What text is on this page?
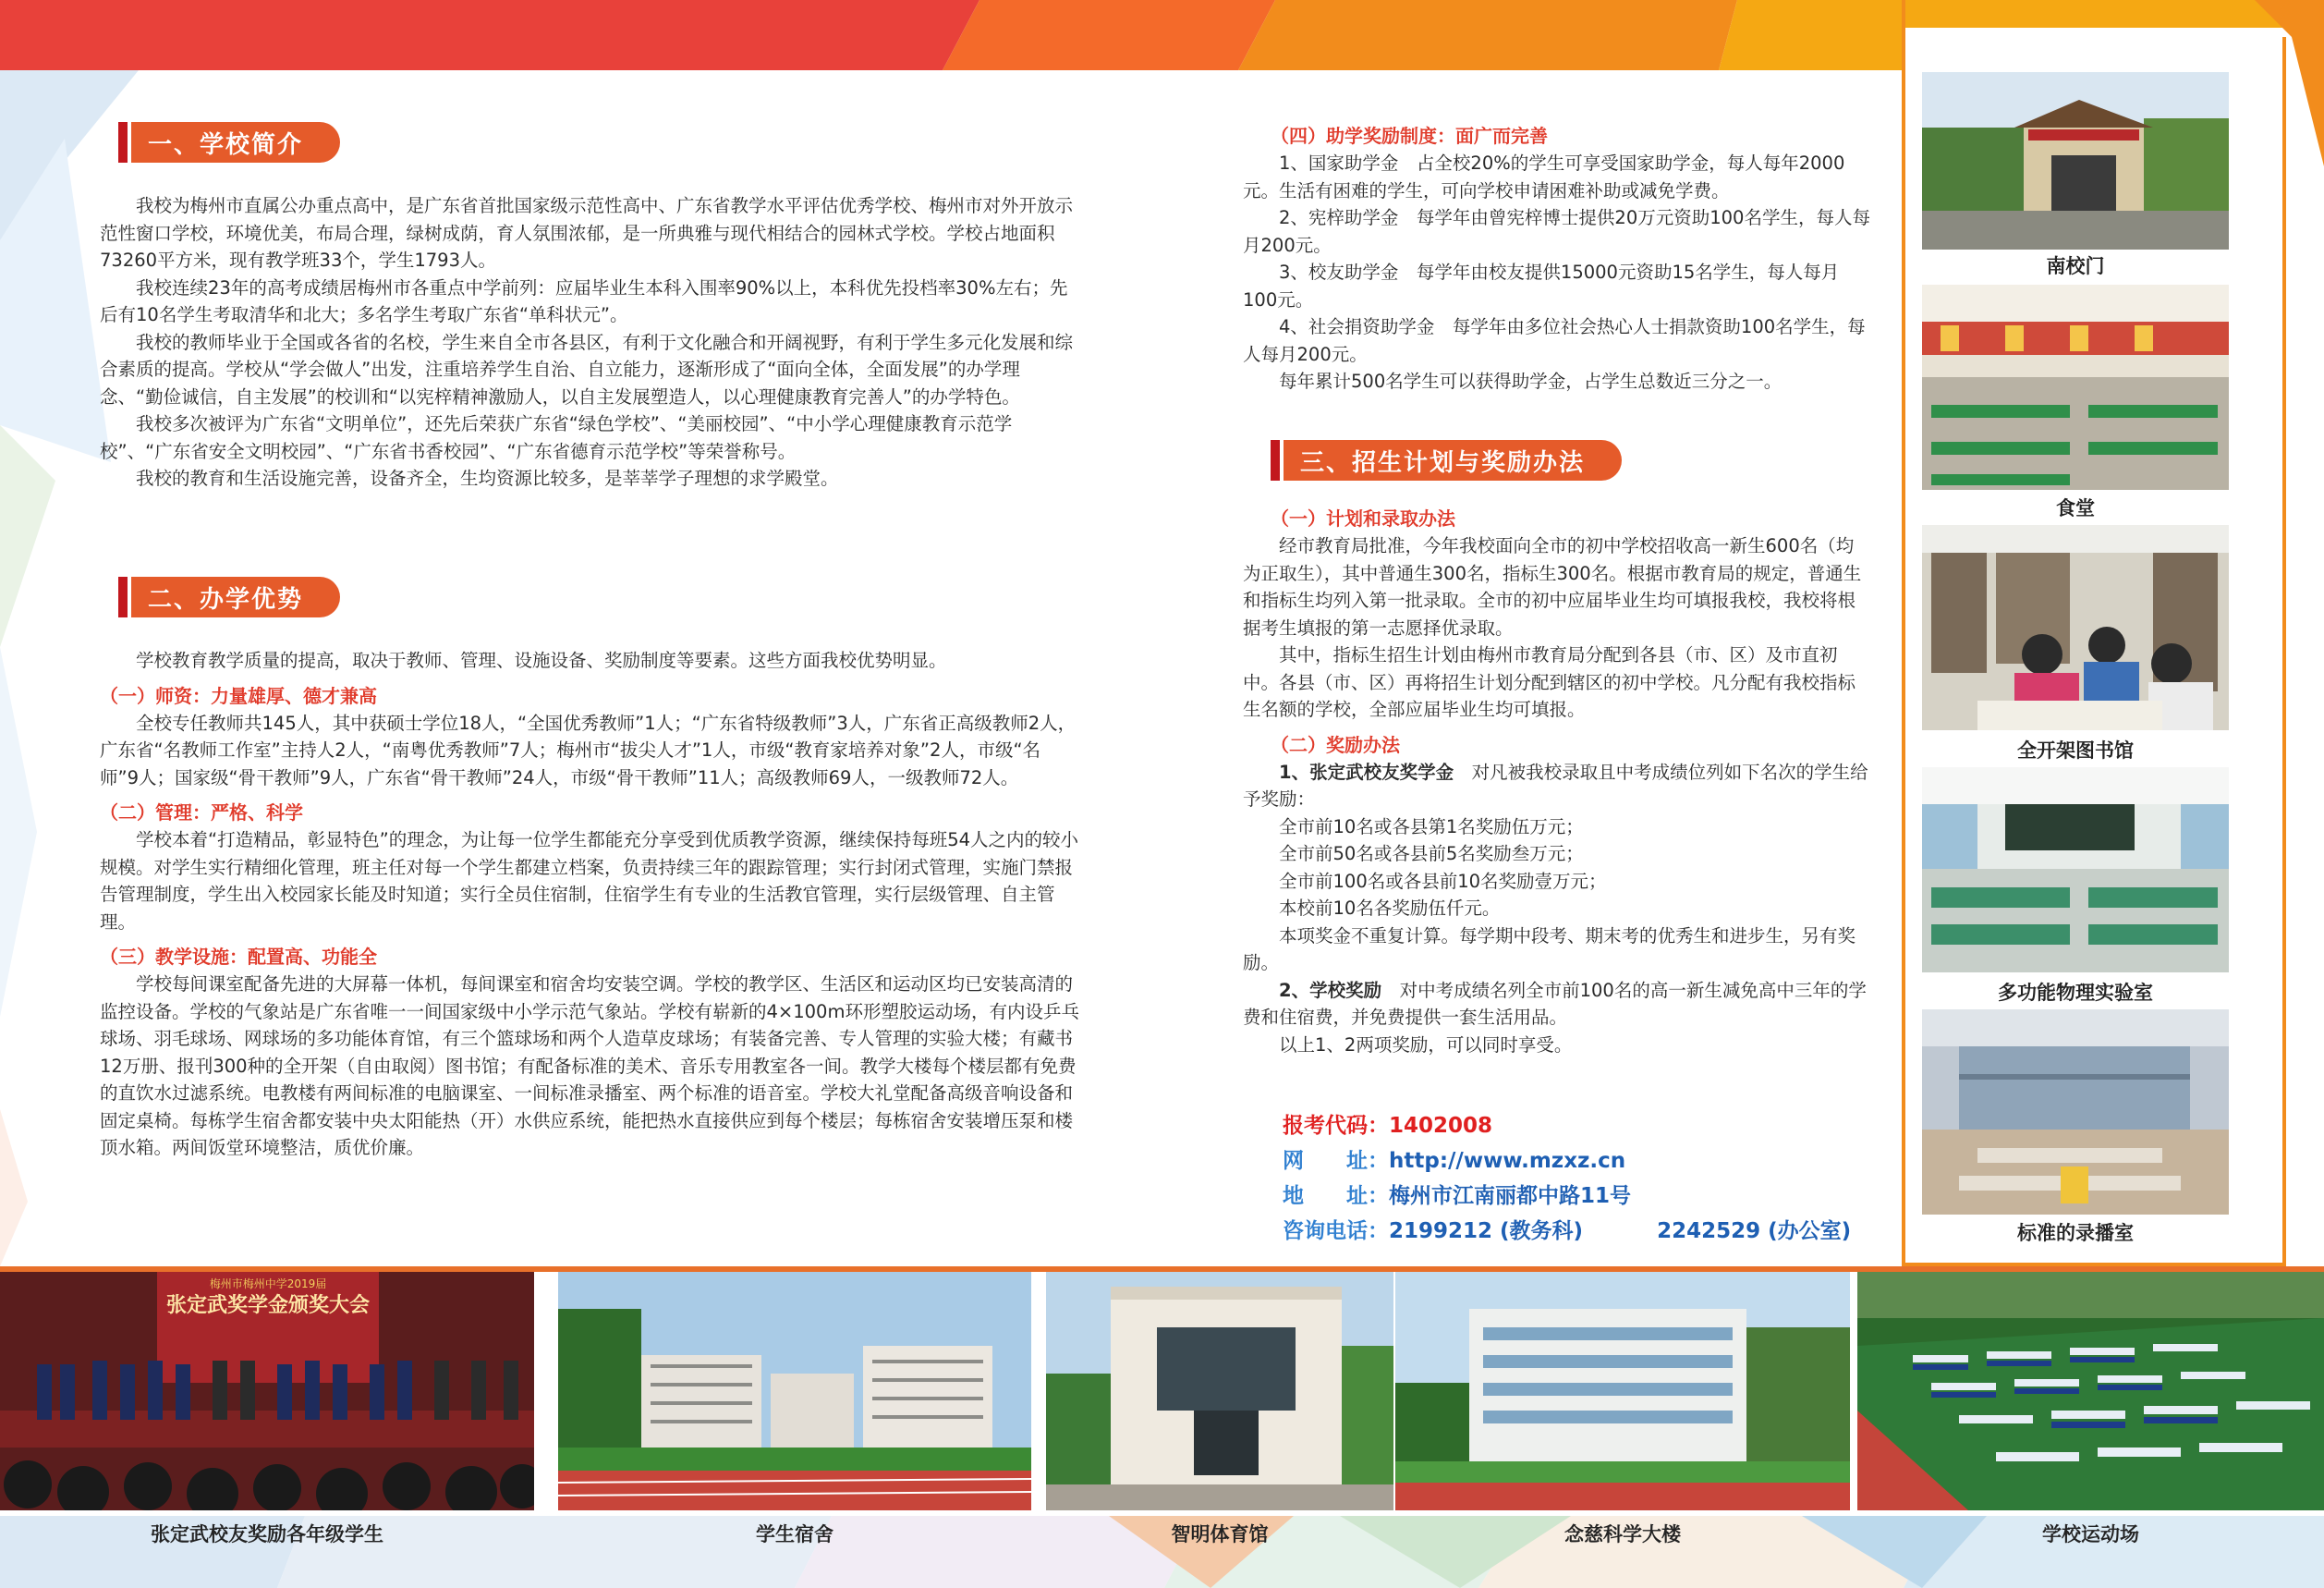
一、学校简介

我校为梅州市直属公办重点高中，是广东省首批国家级示范性高中、广东省教学水平评估优秀学校、梅州市对外开放示范性窗口学校，环境优美，布局合理，绿树成荫，育人氛围浓郁，是一所典雅与现代相结合的园林式学校。学校占地面积73260平方米，现有教学班33个，学生1793人。

我校连续23年的高考成绩居梅州市各重点中学前列：应届毕业生本科入围率90%以上，本科优先投档率30%左右；先后有10名学生考取清华和北大；多名学生考取广东省“单科状元”。

我校的教师毕业于全国或各省的名校，学生来自全市各县区，有利于文化融合和开阔视野，有利于学生多元化发展和综合素质的提高。学校从“学会做人”出发，注重培养学生自治、自立能力，逐渐形成了“面向全体，全面发展”的办学理念、“勤俭诚信，自主发展”的校训和“以宪梓精神激励人，以自主发展塑造人，以心理健康教育完善人”的办学特色。

我校多次被评为广东省“文明单位”，还先后荣获广东省“绿色学校”、“美丽校园”、“中小学心理健康教育示范学校”、“广东省安全文明校园”、“广东省书香校园”、“广东省德育示范学校”等荣誉称号。

我校的教育和生活设施完善，设备齐全，生均资源比较多，是莘莘学子理想的求学殿堂。

二、办学优势

学校教育教学质量的提高，取决于教师、管理、设施设备、奖励制度等要素。这些方面我校优势明显。

（一）师资：力量雄厚、德才兼高

全校专任教师共145人，其中获硕士学位18人，“全国优秀教师”1人；“广东省特级教师”3人，广东省正高级教师2人，广东省“名教师工作室”主持人2人，“南粤优秀教师”7人；梅州市“拔尖人才”1人，市级“教育家培养对象”2人，市级“名师”9人；国家级“骨干教师”9人，广东省“骨干教师”24人，市级“骨干教师”11人；高级教师69人，一级教师72人。

（二）管理：严格、科学

学校本着“打造精品，彰显特色”的理念，为让每一位学生都能充分享受到优质教学资源，继续保持每班54人之内的较小规模。对学生实行精细化管理，班主任对每一个学生都建立档案，负责持续三年的跟踪管理；实行封闭式管理，实施门禁报告管理制度，学生出入校园家长能及时知道；实行全员住宿制，住宿学生有专业的生活教官管理，实行层级管理、自主管理。

（三）教学设施：配置高、功能全

学校每间课室配备先进的大屏幕一体机，每间课室和宿舍均安装空调。学校的教学区、生活区和运动区均已安装高清的监控设备。学校的气象站是广东省唯一一间国家级中小学示范气象站。学校有崭新的4×100m环形塑胶运动场，有内设乒乓球场、羽毛球场、网球场的多功能体育馆，有三个篮球场和两个人造草皮球场；有装备完善、专人管理的实验大楼；有藏书12万册、报刊300种的全开架（自由取阅）图书馆；有配备标准的美术、音乐专用教室各一间。教学大楼每个楼层都有免费的直饮水过滤系统。电教楼有两间标准的电脑课室、一间标准录播室、两个标准的语音室。学校大礼堂配备高级音响设备和固定桌椅。每栋学生宿舍都安装中央太阳能热（开）水供应系统，能把热水直接供应到每个楼层；每栋宿舍安装增压泵和楼顶水箱。两间饭堂环境整洁，质优价廉。

（四）助学奖励制度：面广而完善

1、国家助学金　占全校20%的学生可享受国家助学金，每人每年2000元。生活有困难的学生，可向学校申请困难补助或减免学费。

2、宪梓助学金　每学年由曾宪梓博士提供20万元资助100名学生，每人每月200元。

3、校友助学金　每学年由校友提供15000元资助15名学生，每人每月100元。

4、社会捐资助学金　每学年由多位社会热心人士捐款资助100名学生，每人每月200元。

每年累计500名学生可以获得助学金，占学生总数近三分之一。

三、招生计划与奖励办法

（一）计划和录取办法

经市教育局批准，今年我校面向全市的初中学校招收高一新生600名（均为正取生），其中普通生300名，指标生300名。根据市教育局的规定，普通生和指标生均列入第一批录取。全市的初中应届毕业生均可填报我校，我校将根据考生填报的第一志愿择优录取。

其中，指标生招生计划由梅州市教育局分配到各县（市、区）及市直初中。各县（市、区）再将招生计划分配到辖区的初中学校。凡分配有我校指标生名额的学校，全部应届毕业生均可填报。

（二）奖励办法

1、张定武校友奖学金　 对凡被我校录取且中考成绩位列如下名次的学生给予奖励：

全市前10名或各县第1名奖励伍万元；

全市前50名或各县前5名奖励叁万元；

全市前100名或各县前10名奖励壹万元；

本校前10名各奖励伍仟元。

本项奖金不重复计算。每学期中段考、期末考的优秀生和进步生，另有奖励。

2、学校奖励　 对中考成绩名列全市前100名的高一新生减免高中三年的学费和住宿费，并免费提供一套生活用品。

以上1、2两项奖励，可以同时享受。

报考代码：1402008
网　　址：http://www.mzxz.cn
地　　址：梅州市江南丽都中路11号
咨询电话：2199212 (教务科)	2242529 (办公室)
南校门
食堂
全开架图书馆
多功能物理实验室
标准的录播室
梅州市梅州中学2019届
张定武奖学金颁奖大会
张定武校友奖励各年级学生	学生宿舍	智明体育馆	念慈科学大楼	学校运动场
